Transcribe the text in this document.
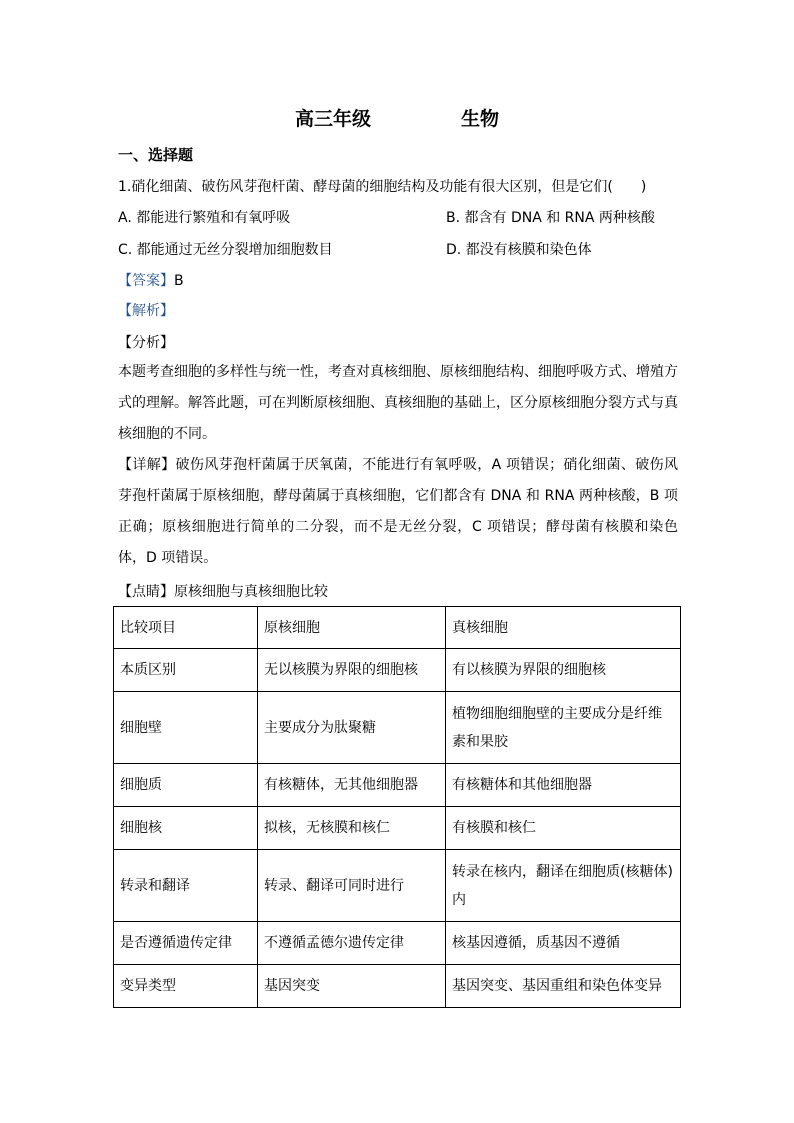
高三年级	生物
一、选择题
1.硝化细菌、破伤风芽孢杆菌、酵母菌的细胞结构及功能有很大区别，但是它们(　　)
A. 都能进行繁殖和有氧呼吸	B. 都含有 DNA 和 RNA 两种核酸
C. 都能通过无丝分裂增加细胞数目	D. 都没有核膜和染色体
【答案】B
【解析】
【分析】
本题考查细胞的多样性与统一性，考查对真核细胞、原核细胞结构、细胞呼吸方式、增殖方式的理解。解答此题，可在判断原核细胞、真核细胞的基础上，区分原核细胞分裂方式与真核细胞的不同。
【详解】破伤风芽孢杆菌属于厌氧菌，不能进行有氧呼吸，A 项错误；硝化细菌、破伤风芽孢杆菌属于原核细胞，酵母菌属于真核细胞，它们都含有 DNA 和 RNA 两种核酸，B 项正确；原核细胞进行简单的二分裂，而不是无丝分裂，C 项错误；酵母菌有核膜和染色体，D 项错误。
【点睛】原核细胞与真核细胞比较
比较项目	原核细胞	真核细胞
本质区别	无以核膜为界限的细胞核	有以核膜为界限的细胞核
细胞壁	主要成分为肽聚糖	植物细胞细胞壁的主要成分是纤维素和果胶
细胞质	有核糖体，无其他细胞器	有核糖体和其他细胞器
细胞核	拟核，无核膜和核仁	有核膜和核仁
转录和翻译	转录、翻译可同时进行	转录在核内，翻译在细胞质(核糖体)内
是否遵循遗传定律	不遵循孟德尔遗传定律	核基因遵循，质基因不遵循
变异类型	基因突变	基因突变、基因重组和染色体变异
